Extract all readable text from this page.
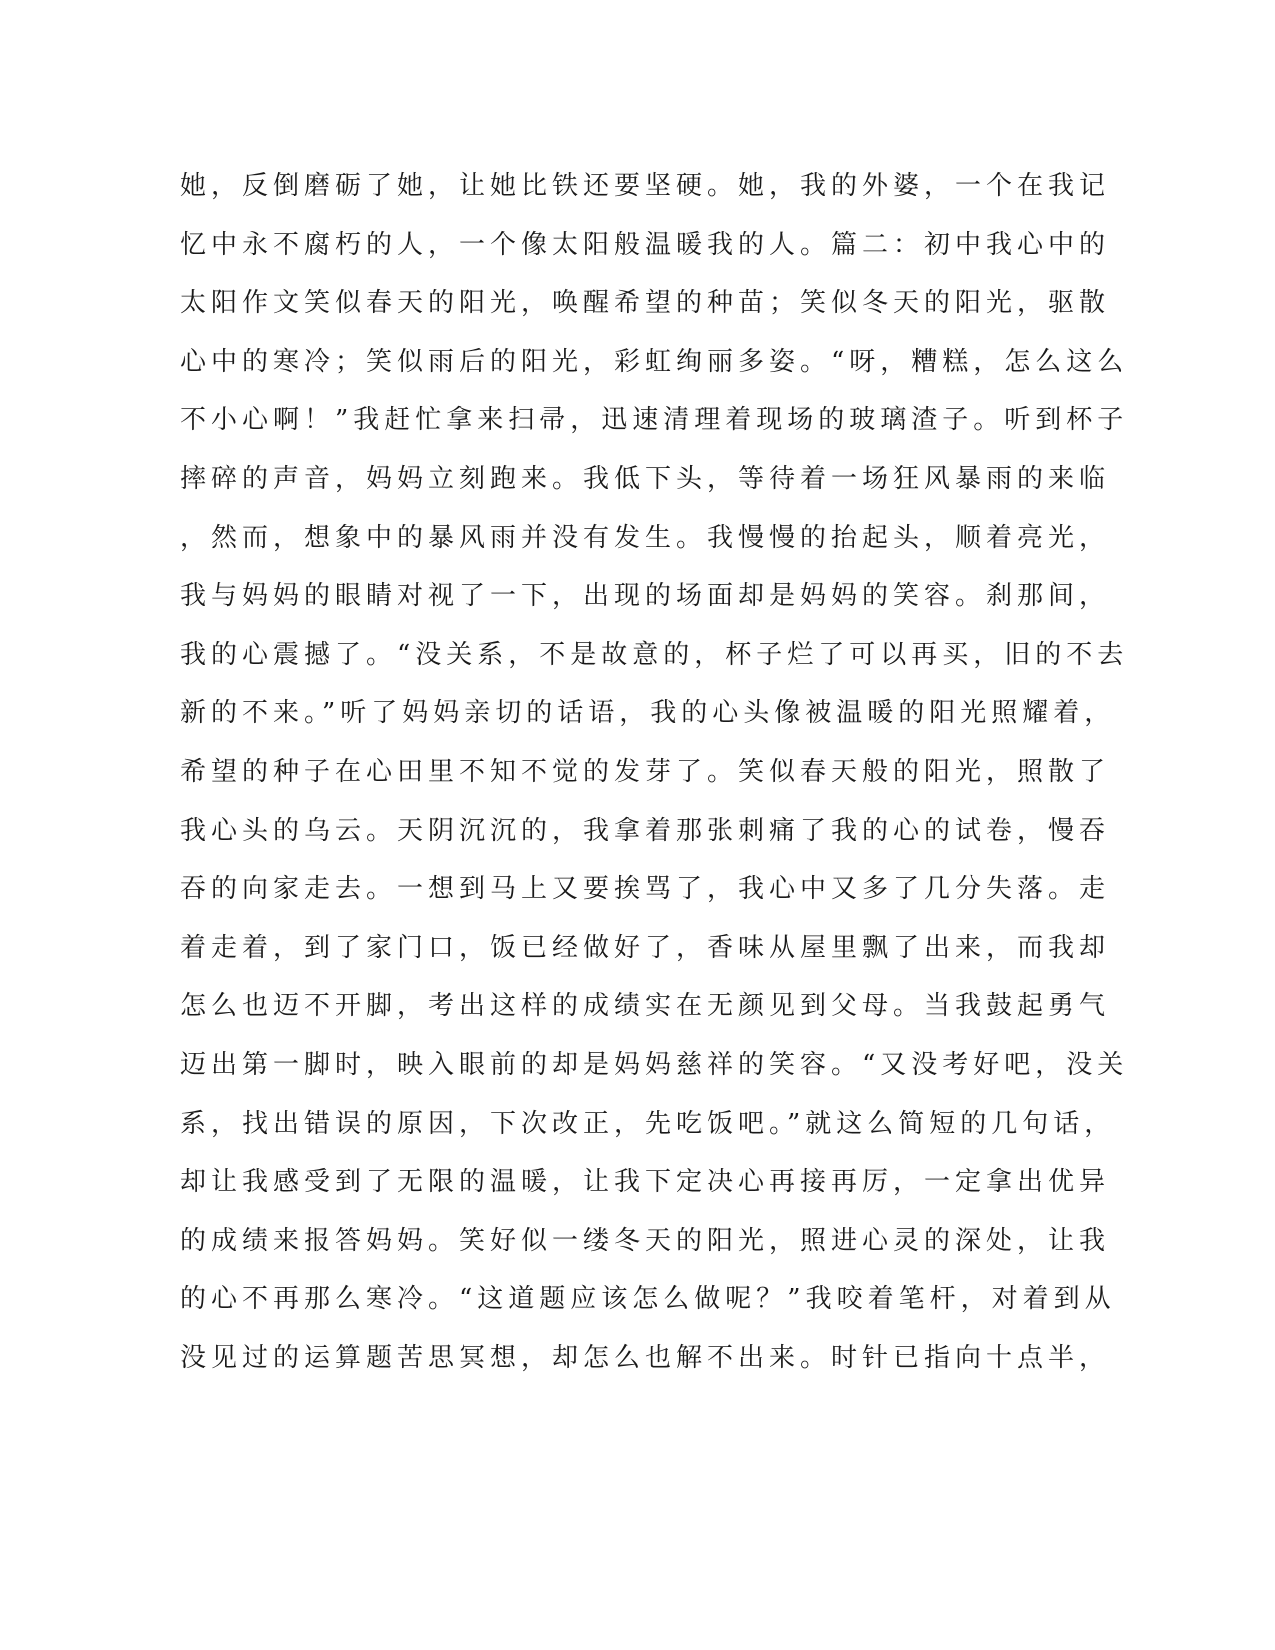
她，反倒磨砺了她，让她比铁还要坚硬。她，我的外婆，一个在我记
忆中永不腐朽的人，一个像太阳般温暖我的人。篇二：初中我心中的
太阳作文笑似春天的阳光，唤醒希望的种苗；笑似冬天的阳光，驱散
心中的寒冷；笑似雨后的阳光，彩虹绚丽多姿。“呀，糟糕，怎么这么
不小心啊！”我赶忙拿来扫帚，迅速清理着现场的玻璃渣子。听到杯子
摔碎的声音，妈妈立刻跑来。我低下头，等待着一场狂风暴雨的来临
，然而，想象中的暴风雨并没有发生。我慢慢的抬起头，顺着亮光，
我与妈妈的眼睛对视了一下，出现的场面却是妈妈的笑容。刹那间，
我的心震撼了。“没关系，不是故意的，杯子烂了可以再买，旧的不去
新的不来。”听了妈妈亲切的话语，我的心头像被温暖的阳光照耀着，
希望的种子在心田里不知不觉的发芽了。笑似春天般的阳光，照散了
我心头的乌云。天阴沉沉的，我拿着那张刺痛了我的心的试卷，慢吞
吞的向家走去。一想到马上又要挨骂了，我心中又多了几分失落。走
着走着，到了家门口，饭已经做好了，香味从屋里飘了出来，而我却
怎么也迈不开脚，考出这样的成绩实在无颜见到父母。当我鼓起勇气
迈出第一脚时，映入眼前的却是妈妈慈祥的笑容。“又没考好吧，没关
系，找出错误的原因，下次改正，先吃饭吧。”就这么简短的几句话，
却让我感受到了无限的温暖，让我下定决心再接再厉，一定拿出优异
的成绩来报答妈妈。笑好似一缕冬天的阳光，照进心灵的深处，让我
的心不再那么寒冷。“这道题应该怎么做呢？”我咬着笔杆，对着到从
没见过的运算题苦思冥想，却怎么也解不出来。时针已指向十点半，
